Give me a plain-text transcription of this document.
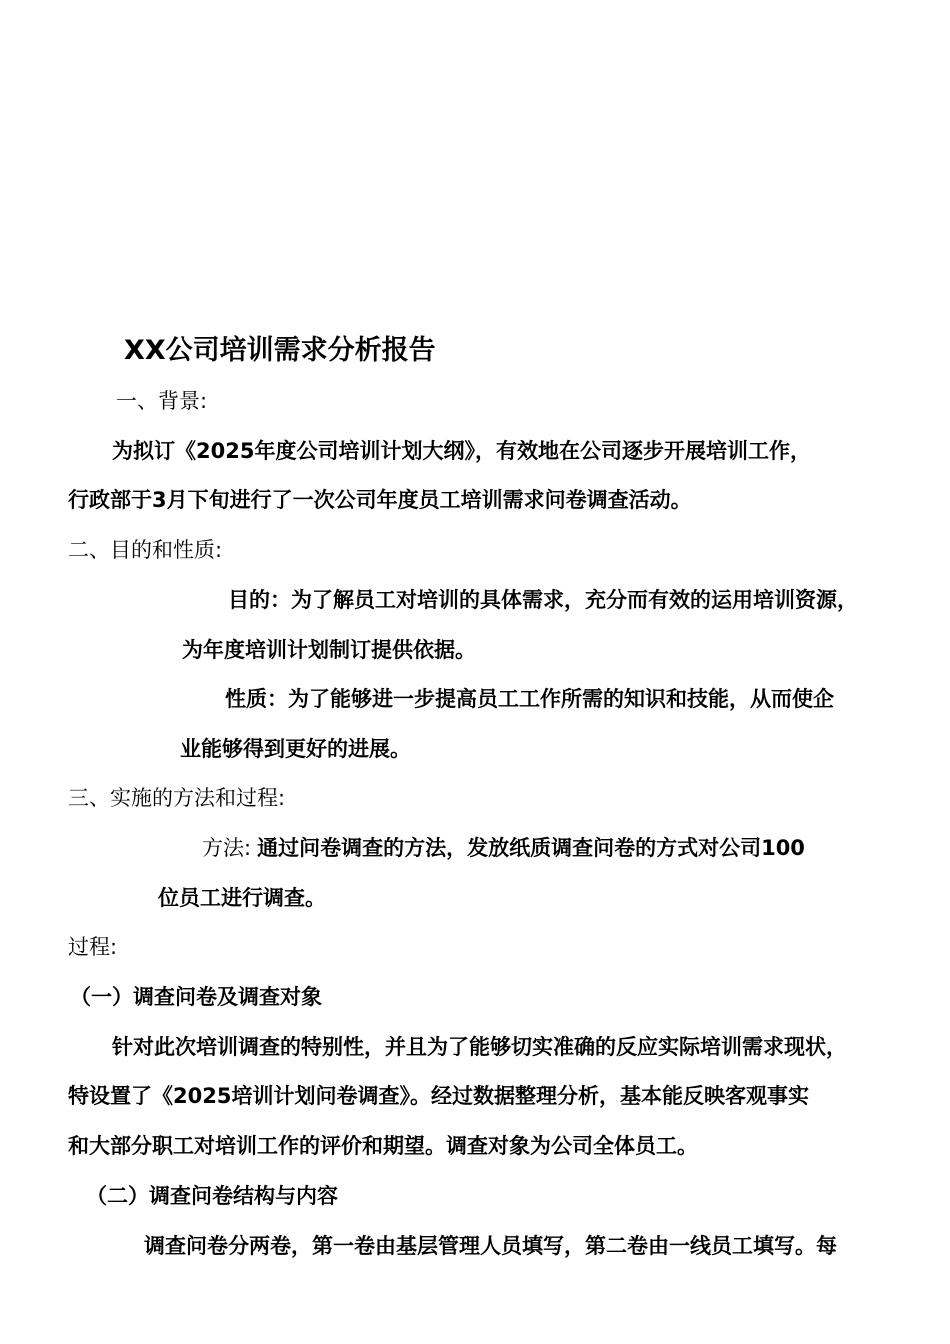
XX公司培训需求分析报告
一、背景:
为拟订《2025年度公司培训计划大纲》，有效地在公司逐步开展培训工作，
行政部于3月下旬进行了一次公司年度员工培训需求问卷调查活动。
二、目的和性质:
目的：为了解员工对培训的具体需求，充分而有效的运用培训资源，
为年度培训计划制订提供依据。
性质：为了能够进一步提高员工工作所需的知识和技能，从而使企
业能够得到更好的进展。
三、实施的方法和过程:
方法: 通过问卷调查的方法，发放纸质调查问卷的方式对公司100
位员工进行调查。
过程:
（一）调查问卷及调查对象
针对此次培训调查的特别性，并且为了能够切实准确的反应实际培训需求现状，
特设置了《2025培训计划问卷调查》。经过数据整理分析，基本能反映客观事实
和大部分职工对培训工作的评价和期望。调查对象为公司全体员工。
（二）调查问卷结构与内容
调查问卷分两卷，第一卷由基层管理人员填写，第二卷由一线员工填写。每
